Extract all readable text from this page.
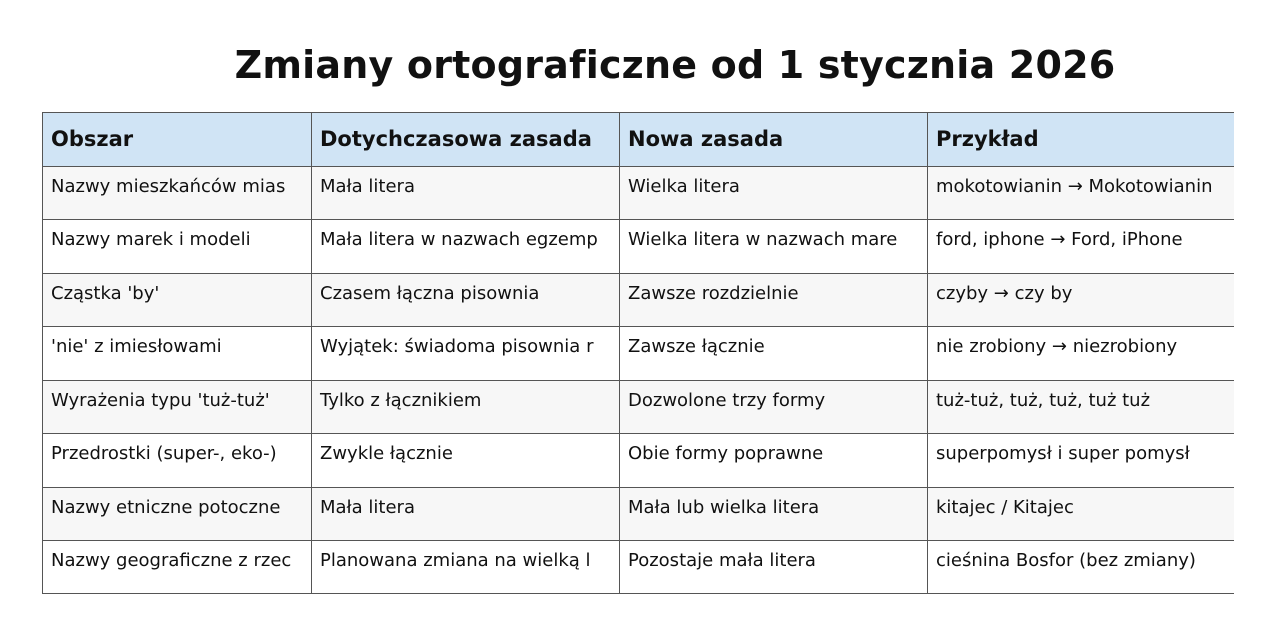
Zmiany ortograficzne od 1 stycznia 2026
Obszar	Dotychczasowa zasada	Nowa zasada	Przykład
Nazwy mieszkańców mias	Mała litera	Wielka litera	mokotowianin → Mokotowianin
Nazwy marek i modeli	Mała litera w nazwach egzemp	Wielka litera w nazwach mare	ford, iphone → Ford, iPhone
Cząstka 'by'	Czasem łączna pisownia	Zawsze rozdzielnie	czyby → czy by
'nie' z imiesłowami	Wyjątek: świadoma pisownia r	Zawsze łącznie	nie zrobiony → niezrobiony
Wyrażenia typu 'tuż-tuż'	Tylko z łącznikiem	Dozwolone trzy formy	tuż-tuż, tuż, tuż, tuż tuż
Przedrostki (super-, eko-)	Zwykle łącznie	Obie formy poprawne	superpomysł i super pomysł
Nazwy etniczne potoczne	Mała litera	Mała lub wielka litera	kitajec / Kitajec
Nazwy geograficzne z rzec	Planowana zmiana na wielką l	Pozostaje mała litera	cieśnina Bosfor (bez zmiany)
